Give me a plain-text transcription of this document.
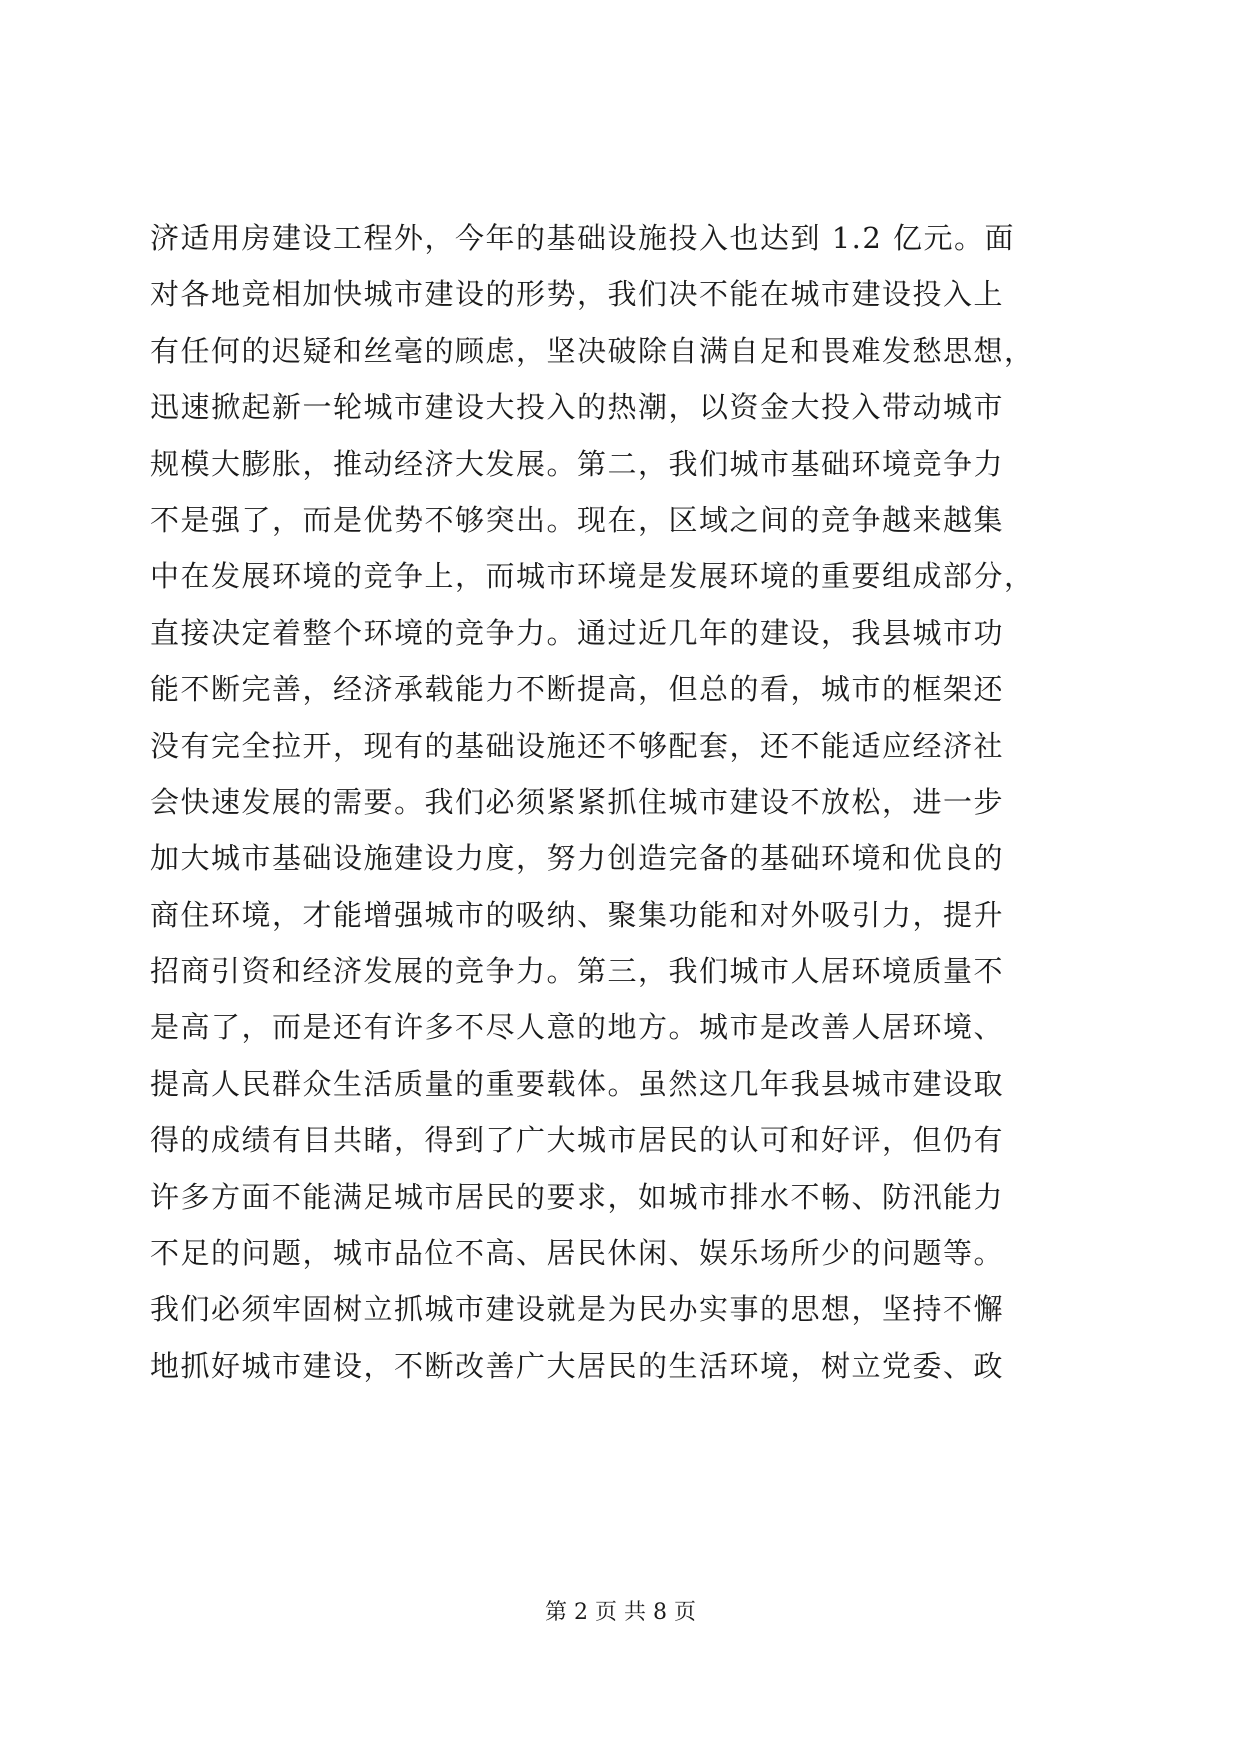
济适用房建设工程外，今年的基础设施投入也达到 1.2 亿元。面
对各地竞相加快城市建设的形势，我们决不能在城市建设投入上
有任何的迟疑和丝毫的顾虑，坚决破除自满自足和畏难发愁思想，
迅速掀起新一轮城市建设大投入的热潮，以资金大投入带动城市
规模大膨胀，推动经济大发展。第二，我们城市基础环境竞争力
不是强了，而是优势不够突出。现在，区域之间的竞争越来越集
中在发展环境的竞争上，而城市环境是发展环境的重要组成部分，
直接决定着整个环境的竞争力。通过近几年的建设，我县城市功
能不断完善，经济承载能力不断提高，但总的看，城市的框架还
没有完全拉开，现有的基础设施还不够配套，还不能适应经济社
会快速发展的需要。我们必须紧紧抓住城市建设不放松，进一步
加大城市基础设施建设力度，努力创造完备的基础环境和优良的
商住环境，才能增强城市的吸纳、聚集功能和对外吸引力，提升
招商引资和经济发展的竞争力。第三，我们城市人居环境质量不
是高了，而是还有许多不尽人意的地方。城市是改善人居环境、
提高人民群众生活质量的重要载体。虽然这几年我县城市建设取
得的成绩有目共睹，得到了广大城市居民的认可和好评，但仍有
许多方面不能满足城市居民的要求，如城市排水不畅、防汛能力
不足的问题，城市品位不高、居民休闲、娱乐场所少的问题等。
我们必须牢固树立抓城市建设就是为民办实事的思想，坚持不懈
地抓好城市建设，不断改善广大居民的生活环境，树立党委、政
第 2 页 共 8 页
